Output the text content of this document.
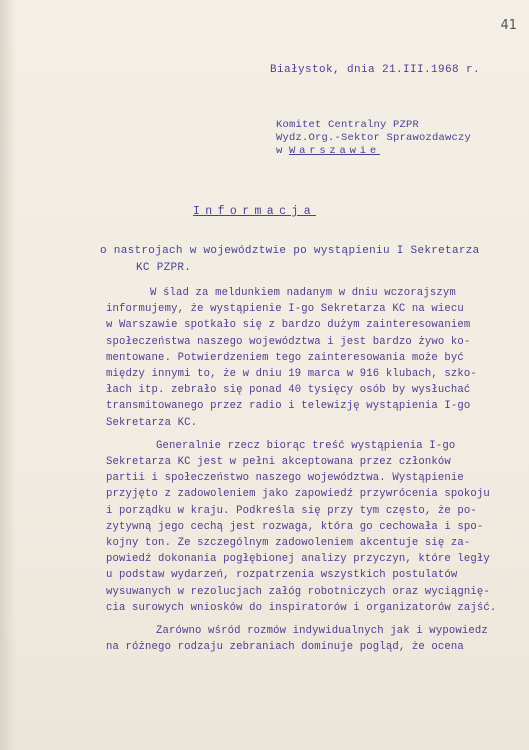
41
Białystok, dnia 21.III.1968 r.
Komitet Centralny PZPR
Wydz.Org.-Sektor Sprawozdawczy
w Warszawie
Informacja
o nastrojach w województwie po wystąpieniu I Sekretarza
KC PZPR.
W ślad za meldunkiem nadanym w dniu wczorajszym
informujemy, że wystąpienie I-go Sekretarza KC na wiecu
w Warszawie spotkało się z bardzo dużym zainteresowaniem
społeczeństwa naszego województwa i jest bardzo żywo ko-
mentowane. Potwierdzeniem tego zainteresowania może być
między innymi to, że w dniu 19 marca w 916 klubach, szko-
łach itp. zebrało się ponad 40 tysięcy osób by wysłuchać
transmitowanego przez radio i telewizję wystąpienia I-go
Sekretarza KC.
Generalnie rzecz biorąc treść wystąpienia I-go
Sekretarza KC jest w pełni akceptowana przez członków
partii i społeczeństwo naszego województwa. Wystąpienie
przyjęto z zadowoleniem jako zapowiedź przywrócenia spokoju
i porządku w kraju. Podkreśla się przy tym często, że po-
zytywną jego cechą jest rozwaga, która go cechowała i spo-
kojny ton. Ze szczególnym zadowoleniem akcentuje się za-
powiedź dokonania pogłębionej analizy przyczyn, które legły
u podstaw wydarzeń, rozpatrzenia wszystkich postulatów
wysuwanych w rezolucjach załóg robotniczych oraz wyciągnię-
cia surowych wniosków do inspiratorów i organizatorów zajść.
Zarówno wśród rozmów indywidualnych jak i wypowiedz
na różnego rodzaju zebraniach dominuje pogląd, że ocena
